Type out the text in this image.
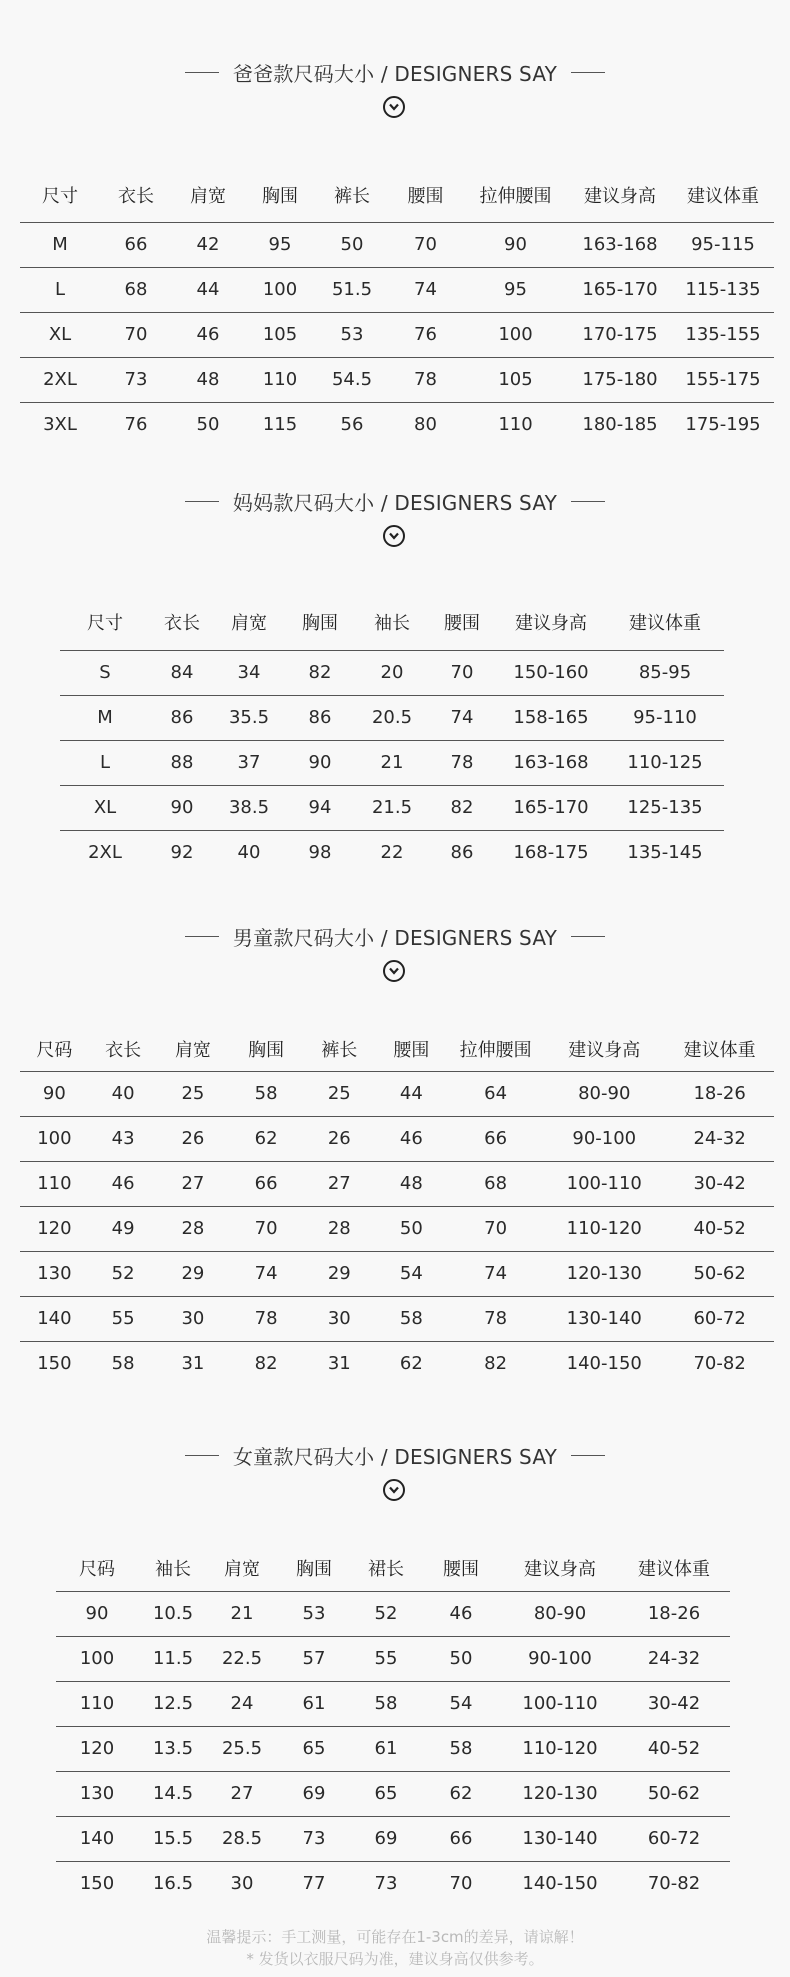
爸爸款尺码大小 / DESIGNERS SAY
尺寸	衣长	肩宽	胸围	裤长	腰围	拉伸腰围	建议身高	建议体重
M	66	42	95	50	70	90	163-168	95-115
L	68	44	100	51.5	74	95	165-170	115-135
XL	70	46	105	53	76	100	170-175	135-155
2XL	73	48	110	54.5	78	105	175-180	155-175
3XL	76	50	115	56	80	110	180-185	175-195
妈妈款尺码大小 / DESIGNERS SAY
尺寸	衣长	肩宽	胸围	袖长	腰围	建议身高	建议体重
S	84	34	82	20	70	150-160	85-95
M	86	35.5	86	20.5	74	158-165	95-110
L	88	37	90	21	78	163-168	110-125
XL	90	38.5	94	21.5	82	165-170	125-135
2XL	92	40	98	22	86	168-175	135-145
男童款尺码大小 / DESIGNERS SAY
尺码	衣长	肩宽	胸围	裤长	腰围	拉伸腰围	建议身高	建议体重
90	40	25	58	25	44	64	80-90	18-26
100	43	26	62	26	46	66	90-100	24-32
110	46	27	66	27	48	68	100-110	30-42
120	49	28	70	28	50	70	110-120	40-52
130	52	29	74	29	54	74	120-130	50-62
140	55	30	78	30	58	78	130-140	60-72
150	58	31	82	31	62	82	140-150	70-82
女童款尺码大小 / DESIGNERS SAY
尺码	袖长	肩宽	胸围	裙长	腰围	建议身高	建议体重
90	10.5	21	53	52	46	80-90	18-26
100	11.5	22.5	57	55	50	90-100	24-32
110	12.5	24	61	58	54	100-110	30-42
120	13.5	25.5	65	61	58	110-120	40-52
130	14.5	27	69	65	62	120-130	50-62
140	15.5	28.5	73	69	66	130-140	60-72
150	16.5	30	77	73	70	140-150	70-82
温馨提示：手工测量，可能存在1-3cm的差异，请谅解！
* 发货以衣服尺码为准，建议身高仅供参考。
